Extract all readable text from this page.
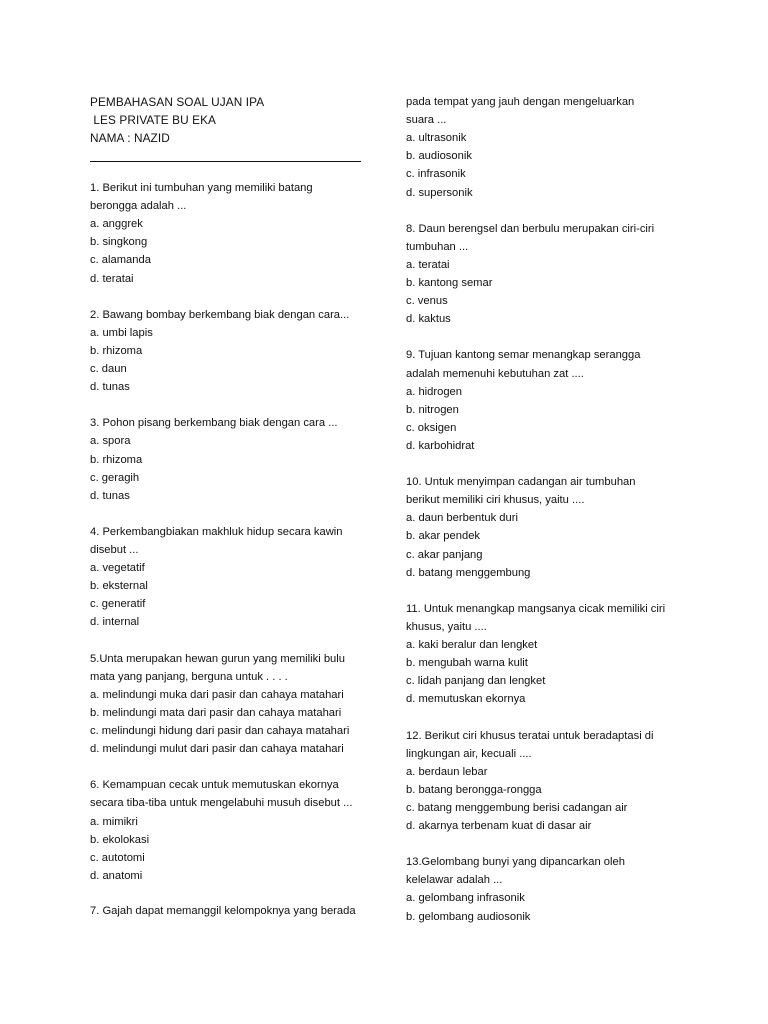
PEMBAHASAN SOAL UJAN IPA
LES PRIVATE BU EKA
NAMA : NAZID
1. Berikut ini tumbuhan yang memiliki batang
berongga adalah ...
a. anggrek
b. singkong
c. alamanda
d. teratai
2. Bawang bombay berkembang biak dengan cara...
a. umbi lapis
b. rhizoma
c. daun
d. tunas
3. Pohon pisang berkembang biak dengan cara ...
a. spora
b. rhizoma
c. geragih
d. tunas
4. Perkembangbiakan makhluk hidup secara kawin
disebut ...
a. vegetatif
b. eksternal
c. generatif
d. internal
5.Unta merupakan hewan gurun yang memiliki bulu
mata yang panjang, berguna untuk . . . .
a. melindungi muka dari pasir dan cahaya matahari
b. melindungi mata dari pasir dan cahaya matahari
c. melindungi hidung dari pasir dan cahaya matahari
d. melindungi mulut dari pasir dan cahaya matahari
6. Kemampuan cecak untuk memutuskan ekornya
secara tiba-tiba untuk mengelabuhi musuh disebut ...
a. mimikri
b. ekolokasi
c. autotomi
d. anatomi
7. Gajah dapat memanggil kelompoknya yang berada
pada tempat yang jauh dengan mengeluarkan
suara ...
a. ultrasonik
b. audiosonik
c. infrasonik
d. supersonik
8. Daun berengsel dan berbulu merupakan ciri-ciri
tumbuhan ...
a. teratai
b. kantong semar
c. venus
d. kaktus
9. Tujuan kantong semar menangkap serangga
adalah memenuhi kebutuhan zat ....
a. hidrogen
b. nitrogen
c. oksigen
d. karbohidrat
10. Untuk menyimpan cadangan air tumbuhan
berikut memiliki ciri khusus, yaitu ....
a. daun berbentuk duri
b. akar pendek
c. akar panjang
d. batang menggembung
11. Untuk menangkap mangsanya cicak memiliki ciri
khusus, yaitu ....
a. kaki beralur dan lengket
b. mengubah warna kulit
c. lidah panjang dan lengket
d. memutuskan ekornya
12. Berikut ciri khusus teratai untuk beradaptasi di
lingkungan air, kecuali ....
a. berdaun lebar
b. batang berongga-rongga
c. batang menggembung berisi cadangan air
d. akarnya terbenam kuat di dasar air
13.Gelombang bunyi yang dipancarkan oleh
kelelawar adalah ...
a. gelombang infrasonik
b. gelombang audiosonik
